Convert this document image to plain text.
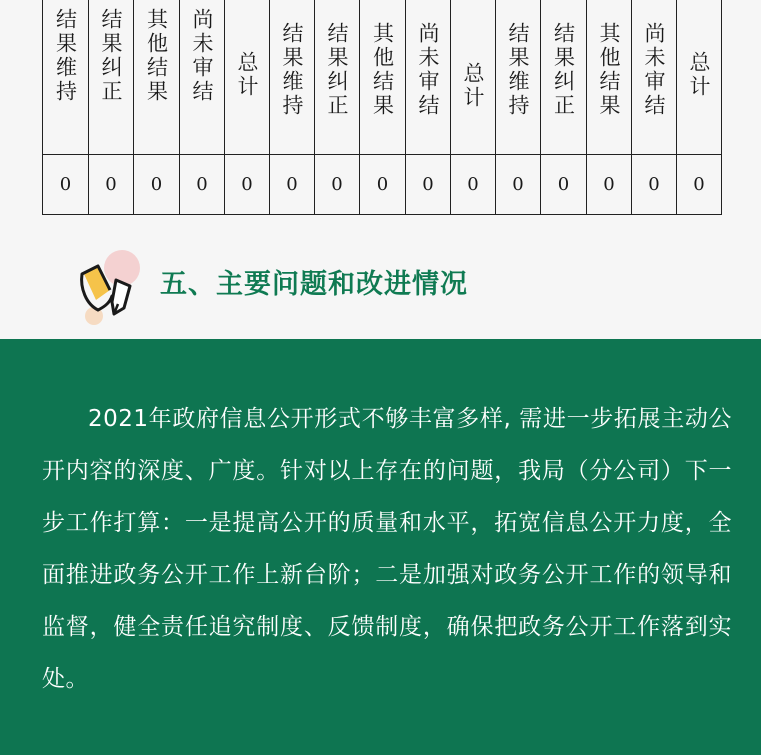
结果维持	结果纠正	其他结果	尚未审结	总计	结果维持	结果纠正	其他结果	尚未审结	总计	结果维持	结果纠正	其他结果	尚未审结	总计
0	0	0	0	0	0	0	0	0	0	0	0	0	0	0
五、主要问题和改进情况

2021年政府信息公开形式不够丰富多样, 需进一步拓展主动公开内容的深度、广度。针对以上存在的问题，我局（分公司）下一步工作打算：一是提高公开的质量和水平，拓宽信息公开力度，全面推进政务公开工作上新台阶；二是加强对政务公开工作的领导和监督，健全责任追究制度、反馈制度，确保把政务公开工作落到实处。
